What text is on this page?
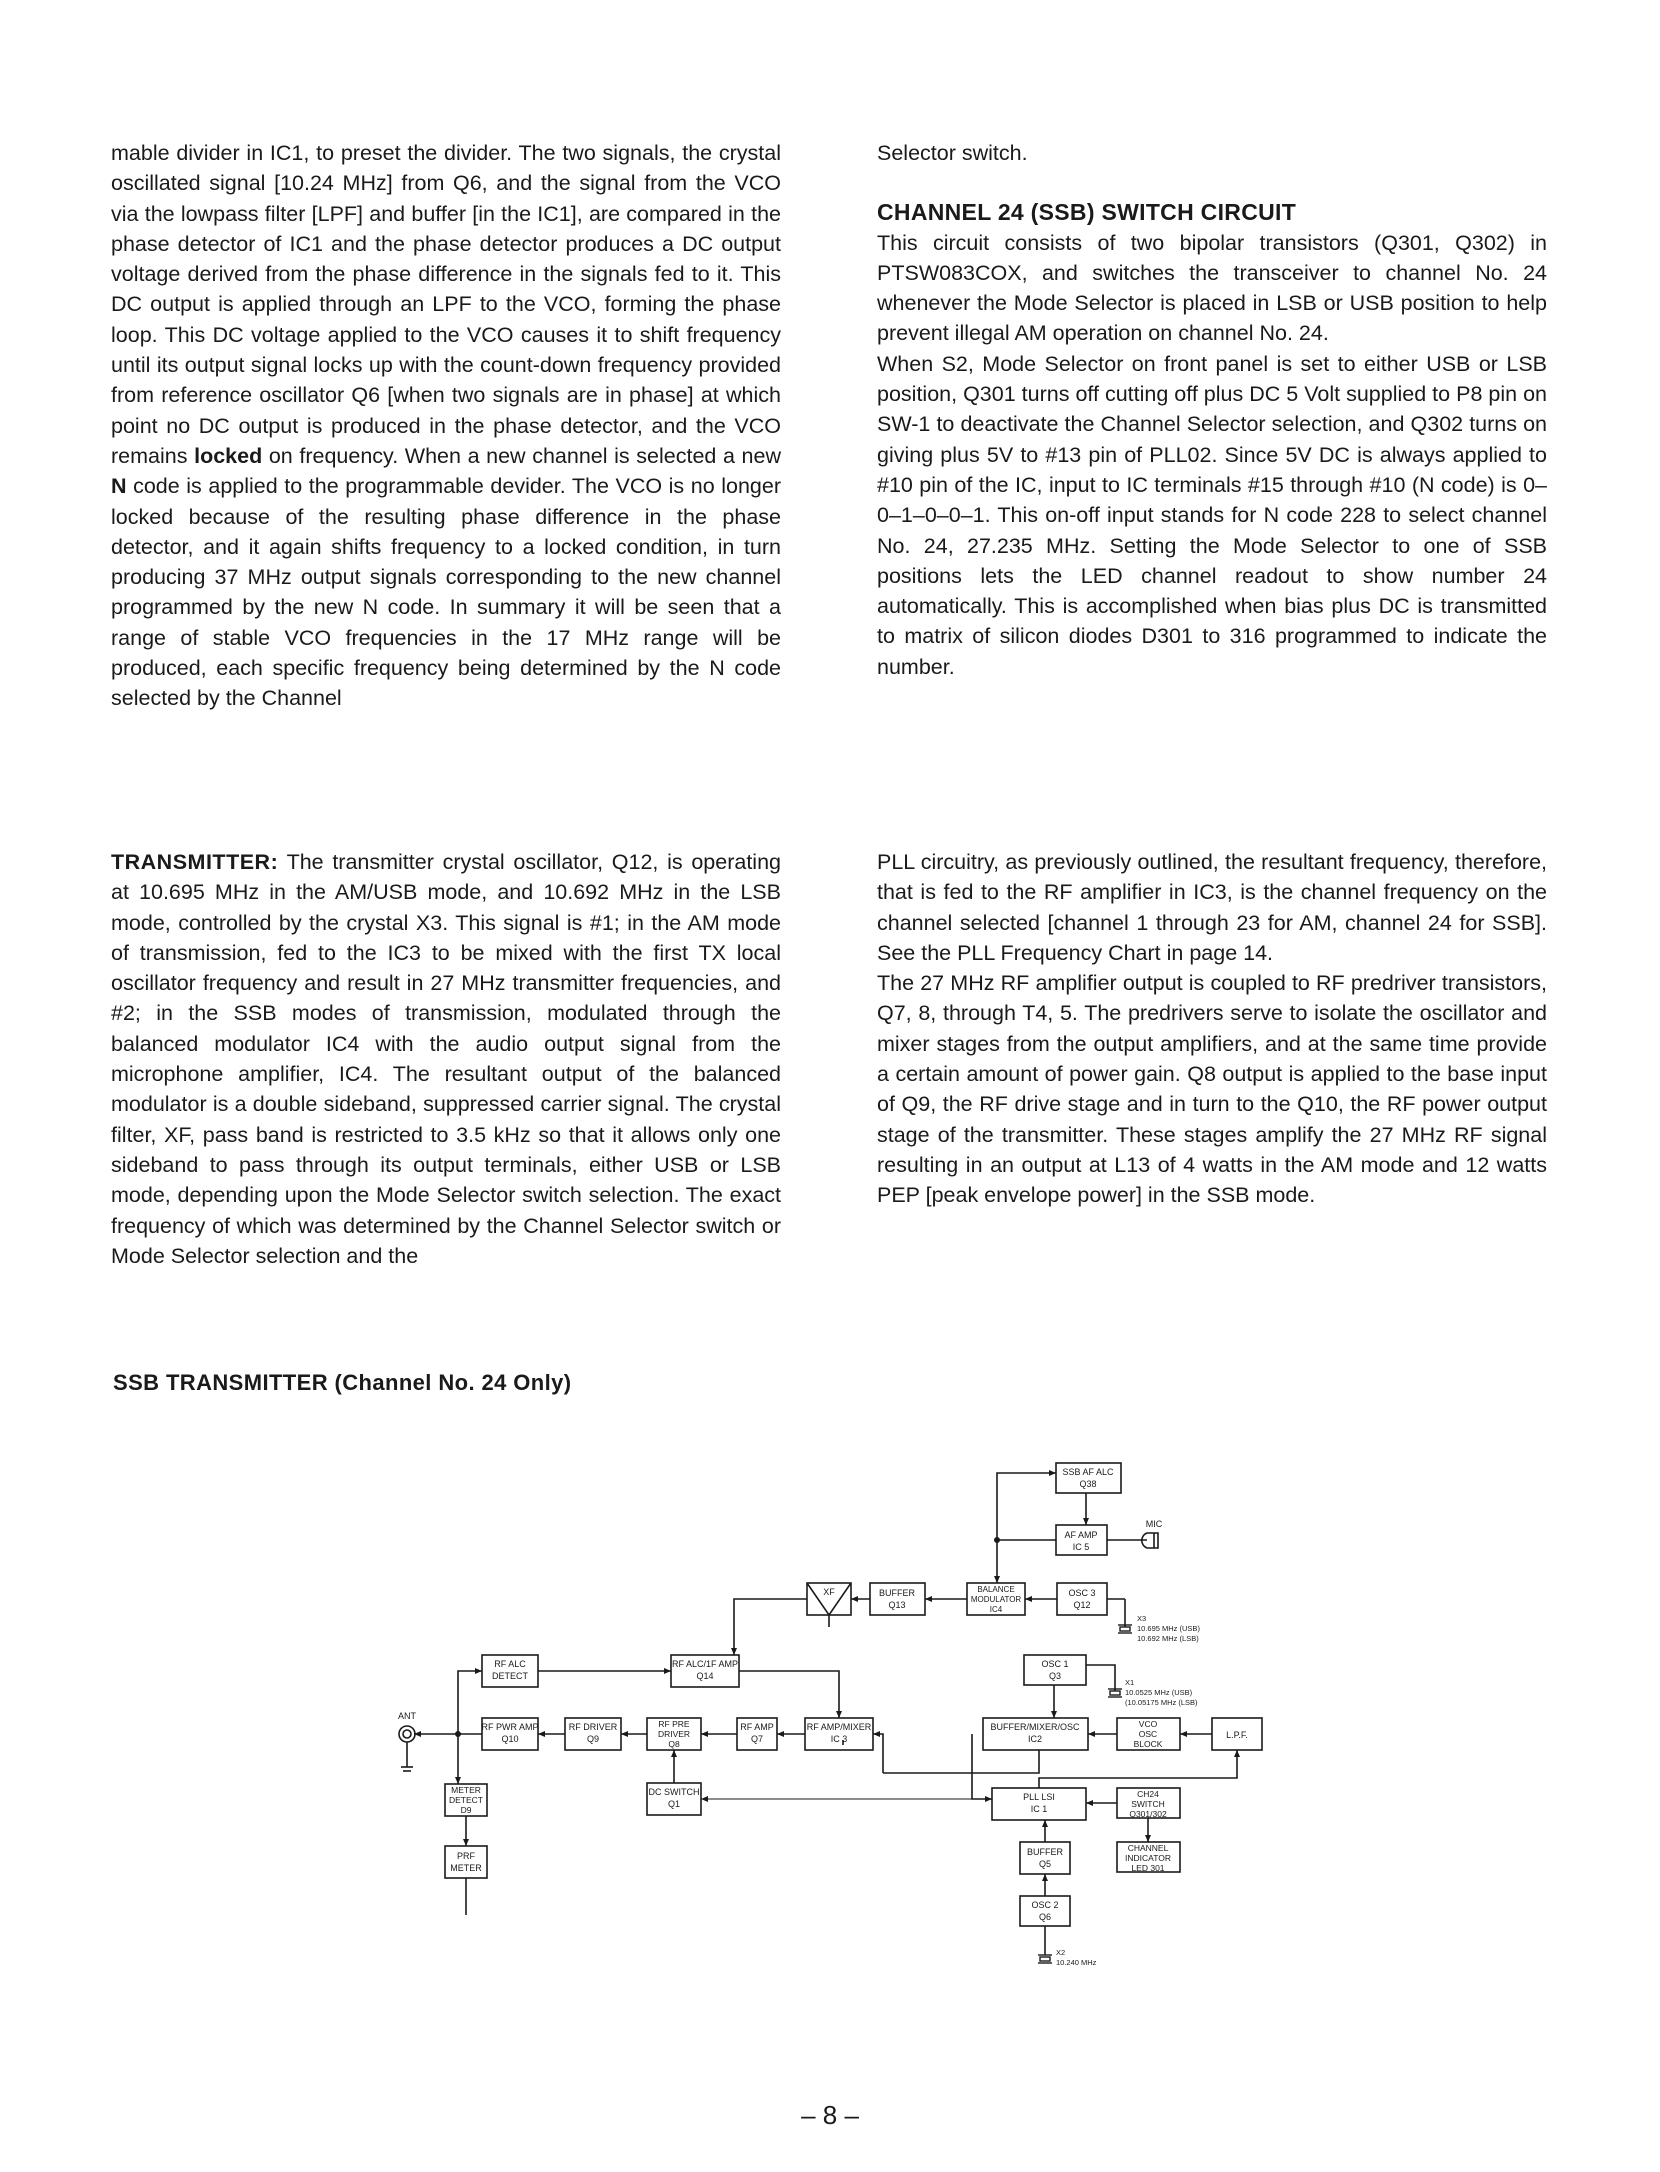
mable divider in IC1, to preset the divider. The two signals, the crystal oscillated signal [10.24 MHz] from Q6, and the signal from the VCO via the lowpass filter [LPF] and buffer [in the IC1], are compared in the phase detector of IC1 and the phase detector produces a DC output voltage derived from the phase difference in the signals fed to it. This DC output is applied through an LPF to the VCO, forming the phase loop. This DC voltage applied to the VCO causes it to shift frequency until its output signal locks up with the count-down frequency provided from reference oscillator Q6 [when two signals are in phase] at which point no DC output is produced in the phase detector, and the VCO remains locked on frequency. When a new channel is selected a new N code is applied to the programmable devider. The VCO is no longer locked because of the resulting phase difference in the phase detector, and it again shifts frequency to a locked condition, in turn producing 37 MHz output signals corresponding to the new channel programmed by the new N code. In summary it will be seen that a range of stable VCO frequencies in the 17 MHz range will be produced, each specific frequency being determined by the N code selected by the Channel

Selector switch.

CHANNEL 24 (SSB) SWITCH CIRCUIT

This circuit consists of two bipolar transistors (Q301, Q302) in PTSW083COX, and switches the transceiver to channel No. 24 whenever the Mode Selector is placed in LSB or USB position to help prevent illegal AM operation on channel No. 24.

When S2, Mode Selector on front panel is set to either USB or LSB position, Q301 turns off cutting off plus DC 5 Volt supplied to P8 pin on SW-1 to deactivate the Channel Selector selection, and Q302 turns on giving plus 5V to #13 pin of PLL02. Since 5V DC is always applied to #10 pin of the IC, input to IC terminals #15 through #10 (N code) is 0–0–1–0–0–1. This on-off input stands for N code 228 to select channel No. 24, 27.235 MHz. Setting the Mode Selector to one of SSB positions lets the LED channel readout to show number 24 automatically. This is accomplished when bias plus DC is transmitted to matrix of silicon diodes D301 to 316 programmed to indicate the number.

TRANSMITTER: The transmitter crystal oscillator, Q12, is operating at 10.695 MHz in the AM/USB mode, and 10.692 MHz in the LSB mode, controlled by the crystal X3. This signal is #1; in the AM mode of transmission, fed to the IC3 to be mixed with the first TX local oscillator frequency and result in 27 MHz transmitter frequencies, and #2; in the SSB modes of transmission, modulated through the balanced modulator IC4 with the audio output signal from the microphone amplifier, IC4. The resultant output of the balanced modulator is a double sideband, suppressed carrier signal. The crystal filter, XF, pass band is restricted to 3.5 kHz so that it allows only one sideband to pass through its output terminals, either USB or LSB mode, depending upon the Mode Selector switch selection. The exact frequency of which was determined by the Channel Selector switch or Mode Selector selection and the

PLL circuitry, as previously outlined, the resultant frequency, therefore, that is fed to the RF amplifier in IC3, is the channel frequency on the channel selected [channel 1 through 23 for AM, channel 24 for SSB]. See the PLL Frequency Chart in page 14.

The 27 MHz RF amplifier output is coupled to RF predriver transistors, Q7, 8, through T4, 5. The predrivers serve to isolate the oscillator and mixer stages from the output amplifiers, and at the same time provide a certain amount of power gain. Q8 output is applied to the base input of Q9, the RF drive stage and in turn to the Q10, the RF power output stage of the transmitter. These stages amplify the 27 MHz RF signal resulting in an output at L13 of 4 watts in the AM mode and 12 watts PEP [peak envelope power] in the SSB mode.

SSB TRANSMITTER (Channel No. 24 Only)
SSB AF ALC
Q38
AF AMP
IC 5
MIC
BALANCE
MODULATOR
IC4
OSC 3
Q12
BUFFER
Q13
XF
RF ALC
DETECT
RF ALC/1F AMP
Q14
OSC 1
Q3
ANT
RF PWR AMP
Q10
RF DRIVER
Q9
RF PRE
DRIVER
Q8
RF AMP
Q7
RF AMP/MIXER
IC 3
BUFFER/MIXER/OSC
IC2
VCO
OSC
BLOCK
L.P.F.
METER
DETECT
D9
DC SWITCH
Q1
PLL LSI
IC 1
CH24
SWITCH
Q301/302
PRF
METER
BUFFER
Q5
CHANNEL
INDICATOR
LED 301
OSC 2
Q6
X3
10.695 MHz (USB)
10.692 MHz (LSB)
X1
10.0525 MHz (USB)
(10.05175 MHz (LSB)
X2
10.240 MHz
– 8 –
